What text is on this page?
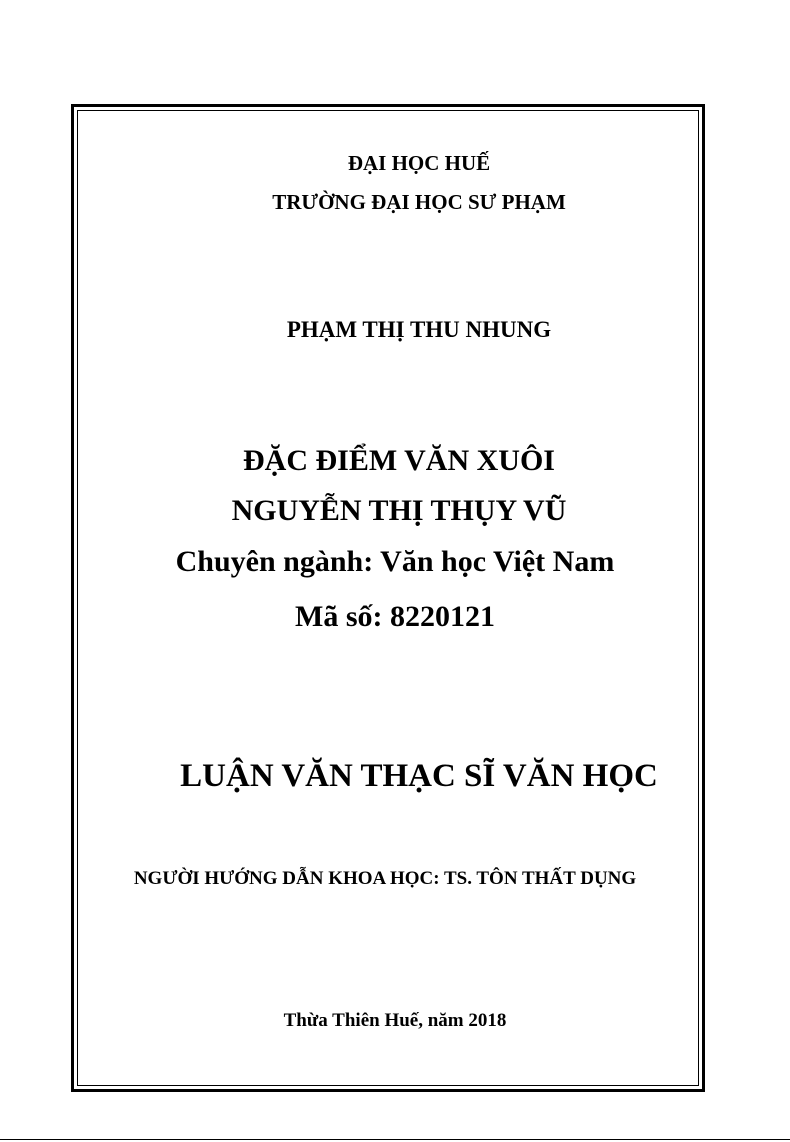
ĐẠI HỌC HUẾ
TRƯỜNG ĐẠI HỌC SƯ PHẠM
PHẠM THỊ THU NHUNG
ĐẶC ĐIỂM VĂN XUÔI
NGUYỄN THỊ THỤY VŨ
Chuyên ngành: Văn học Việt Nam
Mã số: 8220121
LUẬN VĂN THẠC SĨ VĂN HỌC
NGƯỜI HƯỚNG DẪN KHOA HỌC: TS. TÔN THẤT DỤNG
Thừa Thiên Huế, năm 2018
